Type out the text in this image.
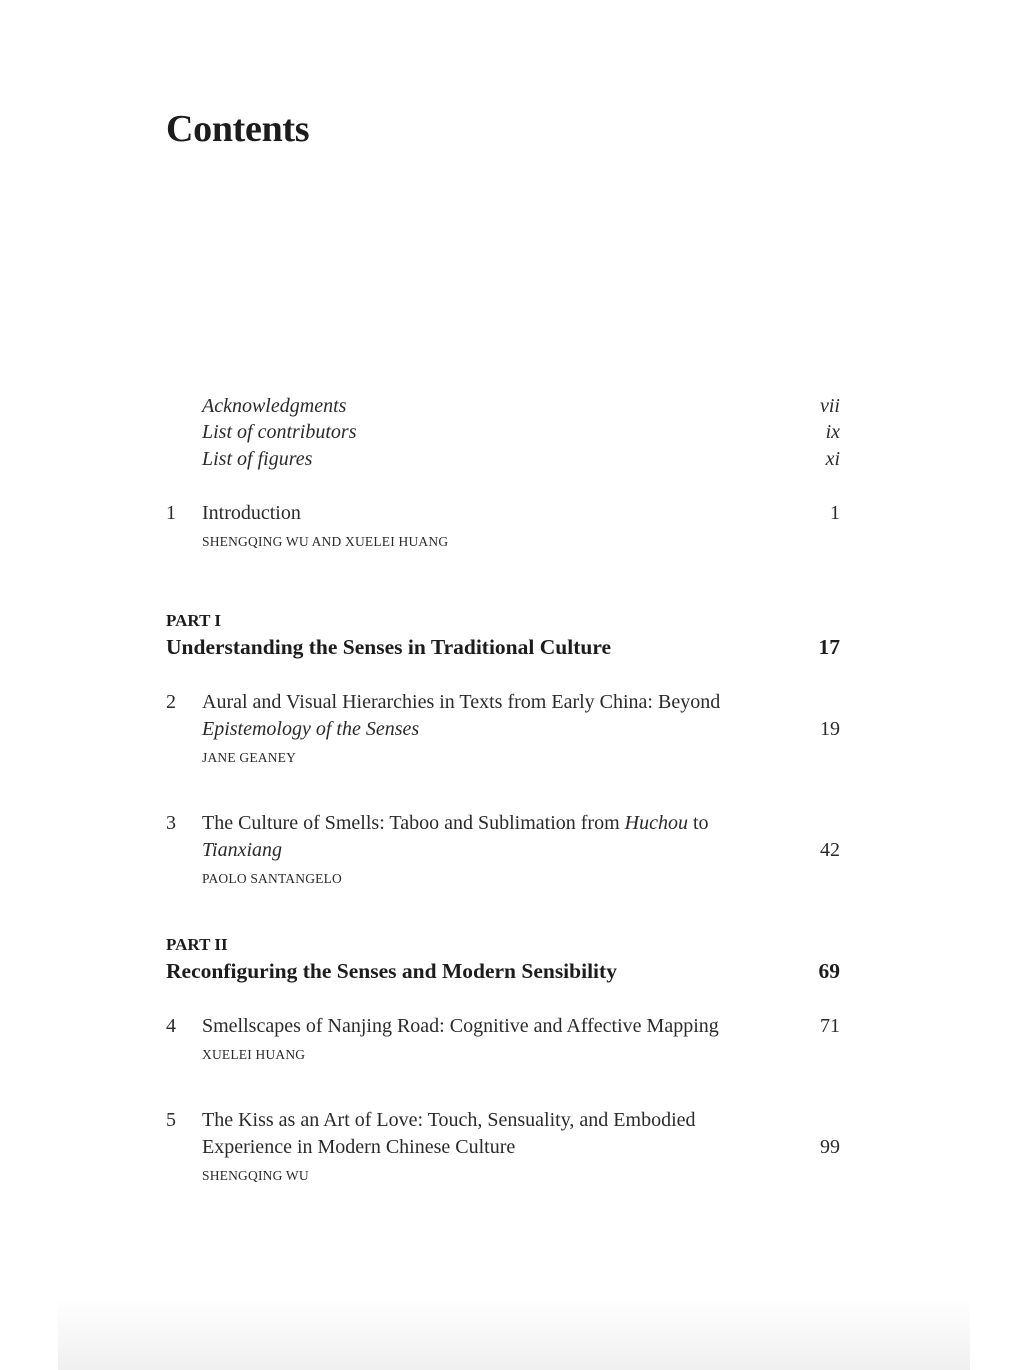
Contents
Acknowledgments	vii
List of contributors	ix
List of figures	xi
1 Introduction	1
SHENGQING WU AND XUELEI HUANG
PART I
Understanding the Senses in Traditional Culture	17
2 Aural and Visual Hierarchies in Texts from Early China: Beyond
Epistemology of the Senses	19
JANE GEANEY
3 The Culture of Smells: Taboo and Sublimation from Huchou to
Tianxiang	42
PAOLO SANTANGELO
PART II
Reconfiguring the Senses and Modern Sensibility	69
4 Smellscapes of Nanjing Road: Cognitive and Affective Mapping	71
XUELEI HUANG
5 The Kiss as an Art of Love: Touch, Sensuality, and Embodied
Experience in Modern Chinese Culture	99
SHENGQING WU
